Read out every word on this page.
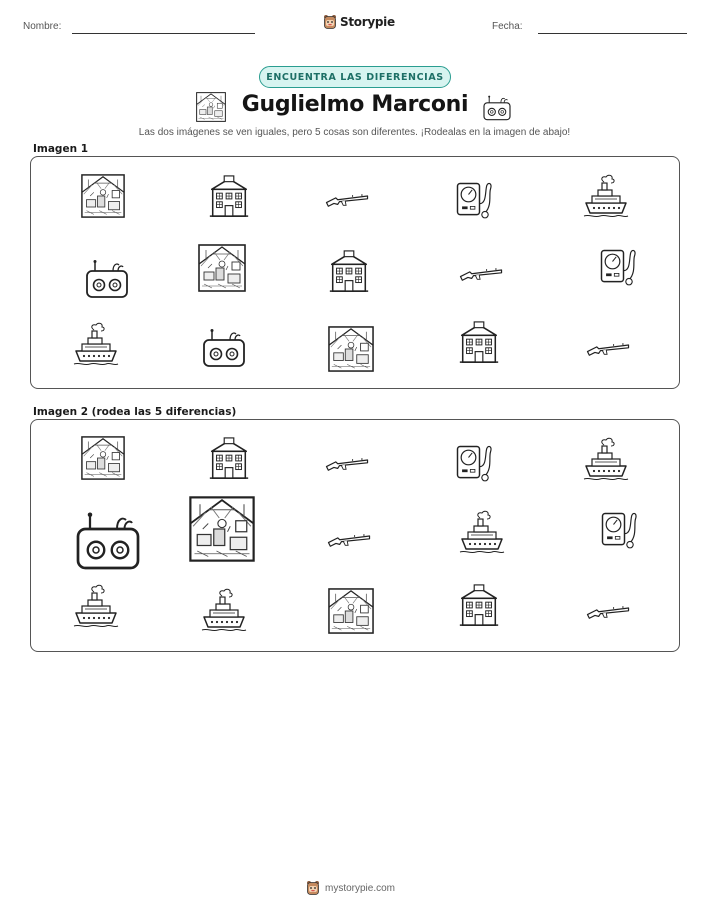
Nombre:	Storypie	Fecha:
ENCUENTRA LAS DIFERENCIAS
Guglielmo Marconi
Las dos imágenes se ven iguales, pero 5 cosas son diferentes. ¡Rodealas en la imagen de abajo!
Imagen 1
Imagen 2 (rodea las 5 diferencias)
mystorypie.com
